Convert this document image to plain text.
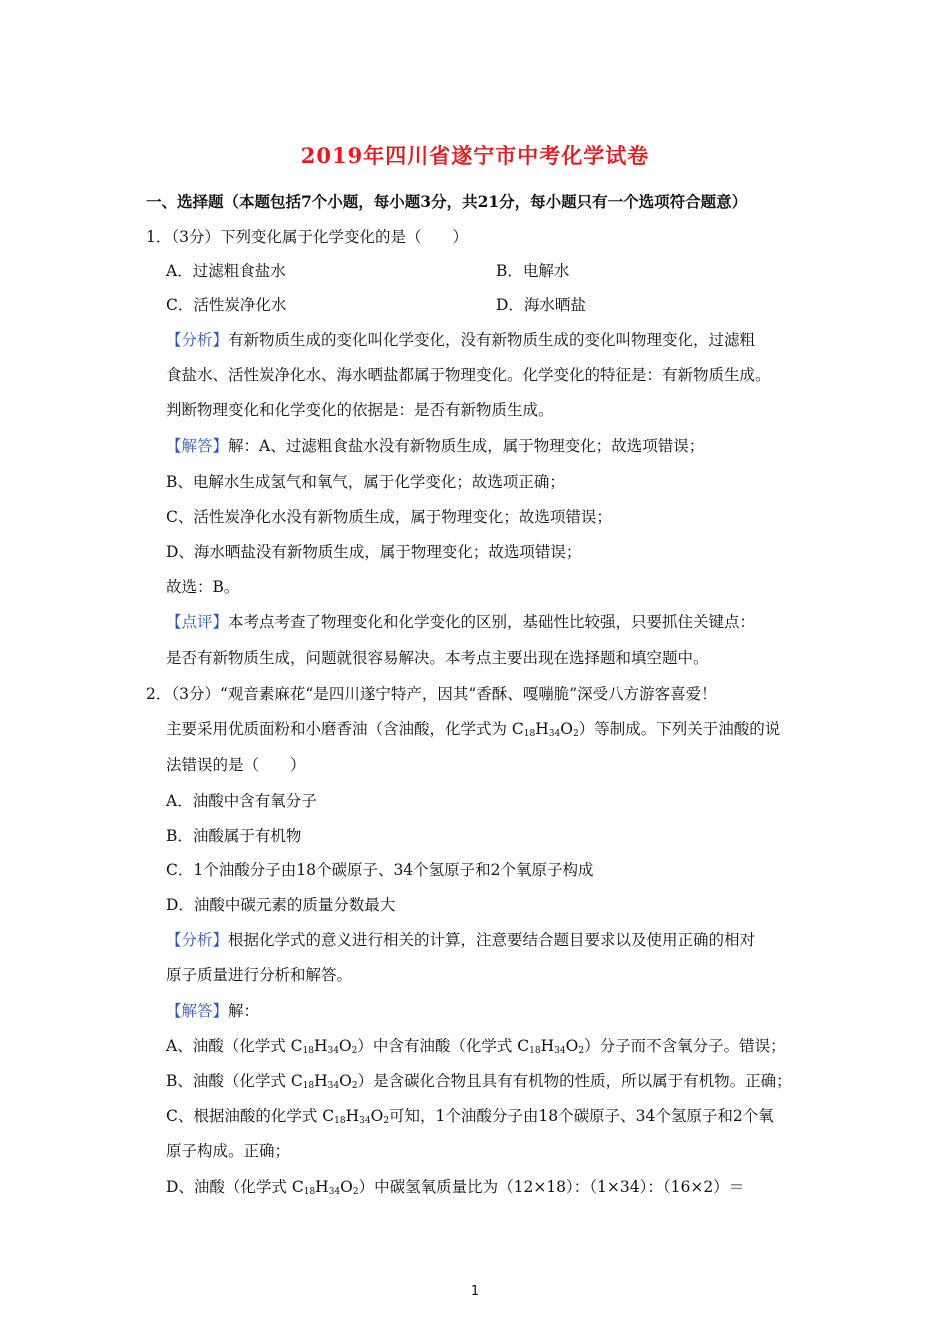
2019年四川省遂宁市中考化学试卷
一、选择题（本题包括7个小题，每小题3分，共21分，每小题只有一个选项符合题意）
1．（3分）下列变化属于化学变化的是（　　）
A．过滤粗食盐水	B．电解水
C．活性炭净化水	D．海水晒盐
【分析】有新物质生成的变化叫化学变化，没有新物质生成的变化叫物理变化，过滤粗
食盐水、活性炭净化水、海水晒盐都属于物理变化。化学变化的特征是：有新物质生成。
判断物理变化和化学变化的依据是：是否有新物质生成。
【解答】解：A、过滤粗食盐水没有新物质生成，属于物理变化；故选项错误；
B、电解水生成氢气和氧气，属于化学变化；故选项正确；
C、活性炭净化水没有新物质生成，属于物理变化；故选项错误；
D、海水晒盐没有新物质生成，属于物理变化；故选项错误；
故选：B。
【点评】本考点考查了物理变化和化学变化的区别，基础性比较强，只要抓住关键点：
是否有新物质生成，问题就很容易解决。本考点主要出现在选择题和填空题中。
2．（3分）“观音素麻花“是四川遂宁特产，因其“香酥、嘎嘣脆”深受八方游客喜爱！
主要采用优质面粉和小磨香油（含油酸，化学式为 $C_{18}H_{34}O_2$）等制成。下列关于油酸的说
法错误的是（　　）
A．油酸中含有氧分子
B．油酸属于有机物
C．1个油酸分子由18个碳原子、34个氢原子和2个氧原子构成
D．油酸中碳元素的质量分数最大
【分析】根据化学式的意义进行相关的计算，注意要结合题目要求以及使用正确的相对
原子质量进行分析和解答。
【解答】解：
A、油酸（化学式 $C_{18}H_{34}O_2$）中含有油酸（化学式 $C_{18}H_{34}O_2$）分子而不含氧分子。错误；
B、油酸（化学式 $C_{18}H_{34}O_2$）是含碳化合物且具有有机物的性质，所以属于有机物。正确；
C、根据油酸的化学式 $C_{18}H_{34}O_2$可知，1个油酸分子由18个碳原子、34个氢原子和2个氧
原子构成。正确；
D、油酸（化学式 $C_{18}H_{34}O_2$）中碳氢氧质量比为（12×18）：（1×34）：（16×2）＝
1
